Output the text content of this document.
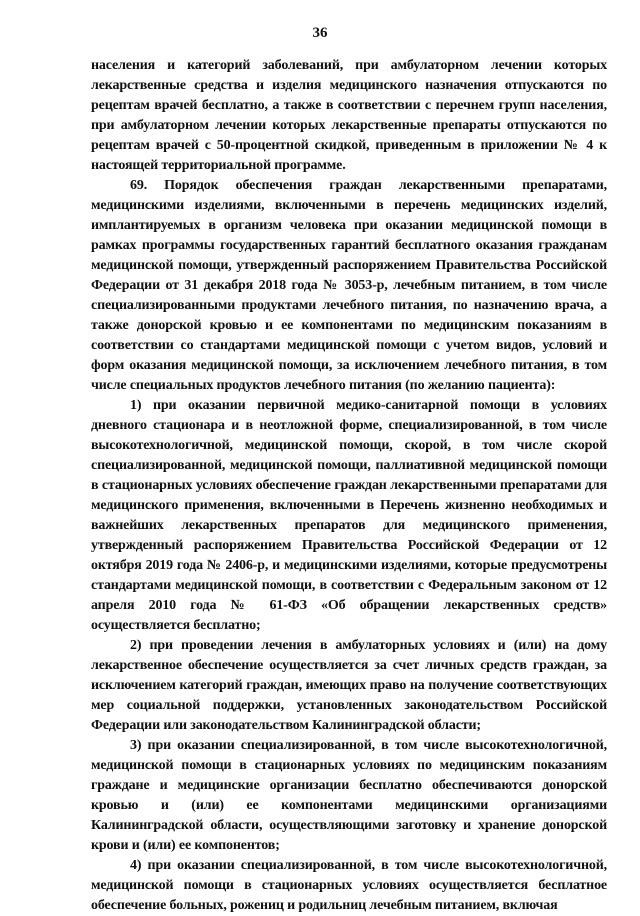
36

населения и категорий заболеваний, при амбулаторном лечении которых лекарственные средства и изделия медицинского назначения отпускаются по рецептам врачей бесплатно, а также в соответствии с перечнем групп населения, при амбулаторном лечении которых лекарственные препараты отпускаются по рецептам врачей с 50-процентной скидкой, приведенным в приложении № 4 к настоящей территориальной программе.

69. Порядок обеспечения граждан лекарственными препаратами, медицинскими изделиями, включенными в перечень медицинских изделий, имплантируемых в организм человека при оказании медицинской помощи в рамках программы государственных гарантий бесплатного оказания гражданам медицинской помощи, утвержденный распоряжением Правительства Российской Федерации от 31 декабря 2018 года № 3053-р, лечебным питанием, в том числе специализированными продуктами лечебного питания, по назначению врача, а также донорской кровью и ее компонентами по медицинским показаниям в соответствии со стандартами медицинской помощи с учетом видов, условий и форм оказания медицинской помощи, за исключением лечебного питания, в том числе специальных продуктов лечебного питания (по желанию пациента):

1) при оказании первичной медико-санитарной помощи в условиях дневного стационара и в неотложной форме, специализированной, в том числе высокотехнологичной, медицинской помощи, скорой, в том числе скорой специализированной, медицинской помощи, паллиативной медицинской помощи в стационарных условиях обеспечение граждан лекарственными препаратами для медицинского применения, включенными в Перечень жизненно необходимых и важнейших лекарственных препаратов для медицинского применения, утвержденный распоряжением Правительства Российской Федерации от 12 октября 2019 года № 2406-р, и медицинскими изделиями, которые предусмотрены стандартами медицинской помощи, в соответствии с Федеральным законом от 12 апреля 2010 года № 61-ФЗ «Об обращении лекарственных средств» осуществляется бесплатно;

2) при проведении лечения в амбулаторных условиях и (или) на дому лекарственное обеспечение осуществляется за счет личных средств граждан, за исключением категорий граждан, имеющих право на получение соответствующих мер социальной поддержки, установленных законодательством Российской Федерации или законодательством Калининградской области;

3) при оказании специализированной, в том числе высокотехнологичной, медицинской помощи в стационарных условиях по медицинским показаниям гражданe и медицинские организации бесплатно обеспечиваются донорской кровью и (или) ее компонентами медицинскими организациями Калининградской области, осуществляющими заготовку и хранение донорской крови и (или) ее компонентов;

4) при оказании специализированной, в том числе высокотехнологичной, медицинской помощи в стационарных условиях осуществляется бесплатное обеспечение больных, рожениц и родильниц лечебным питанием, включая
